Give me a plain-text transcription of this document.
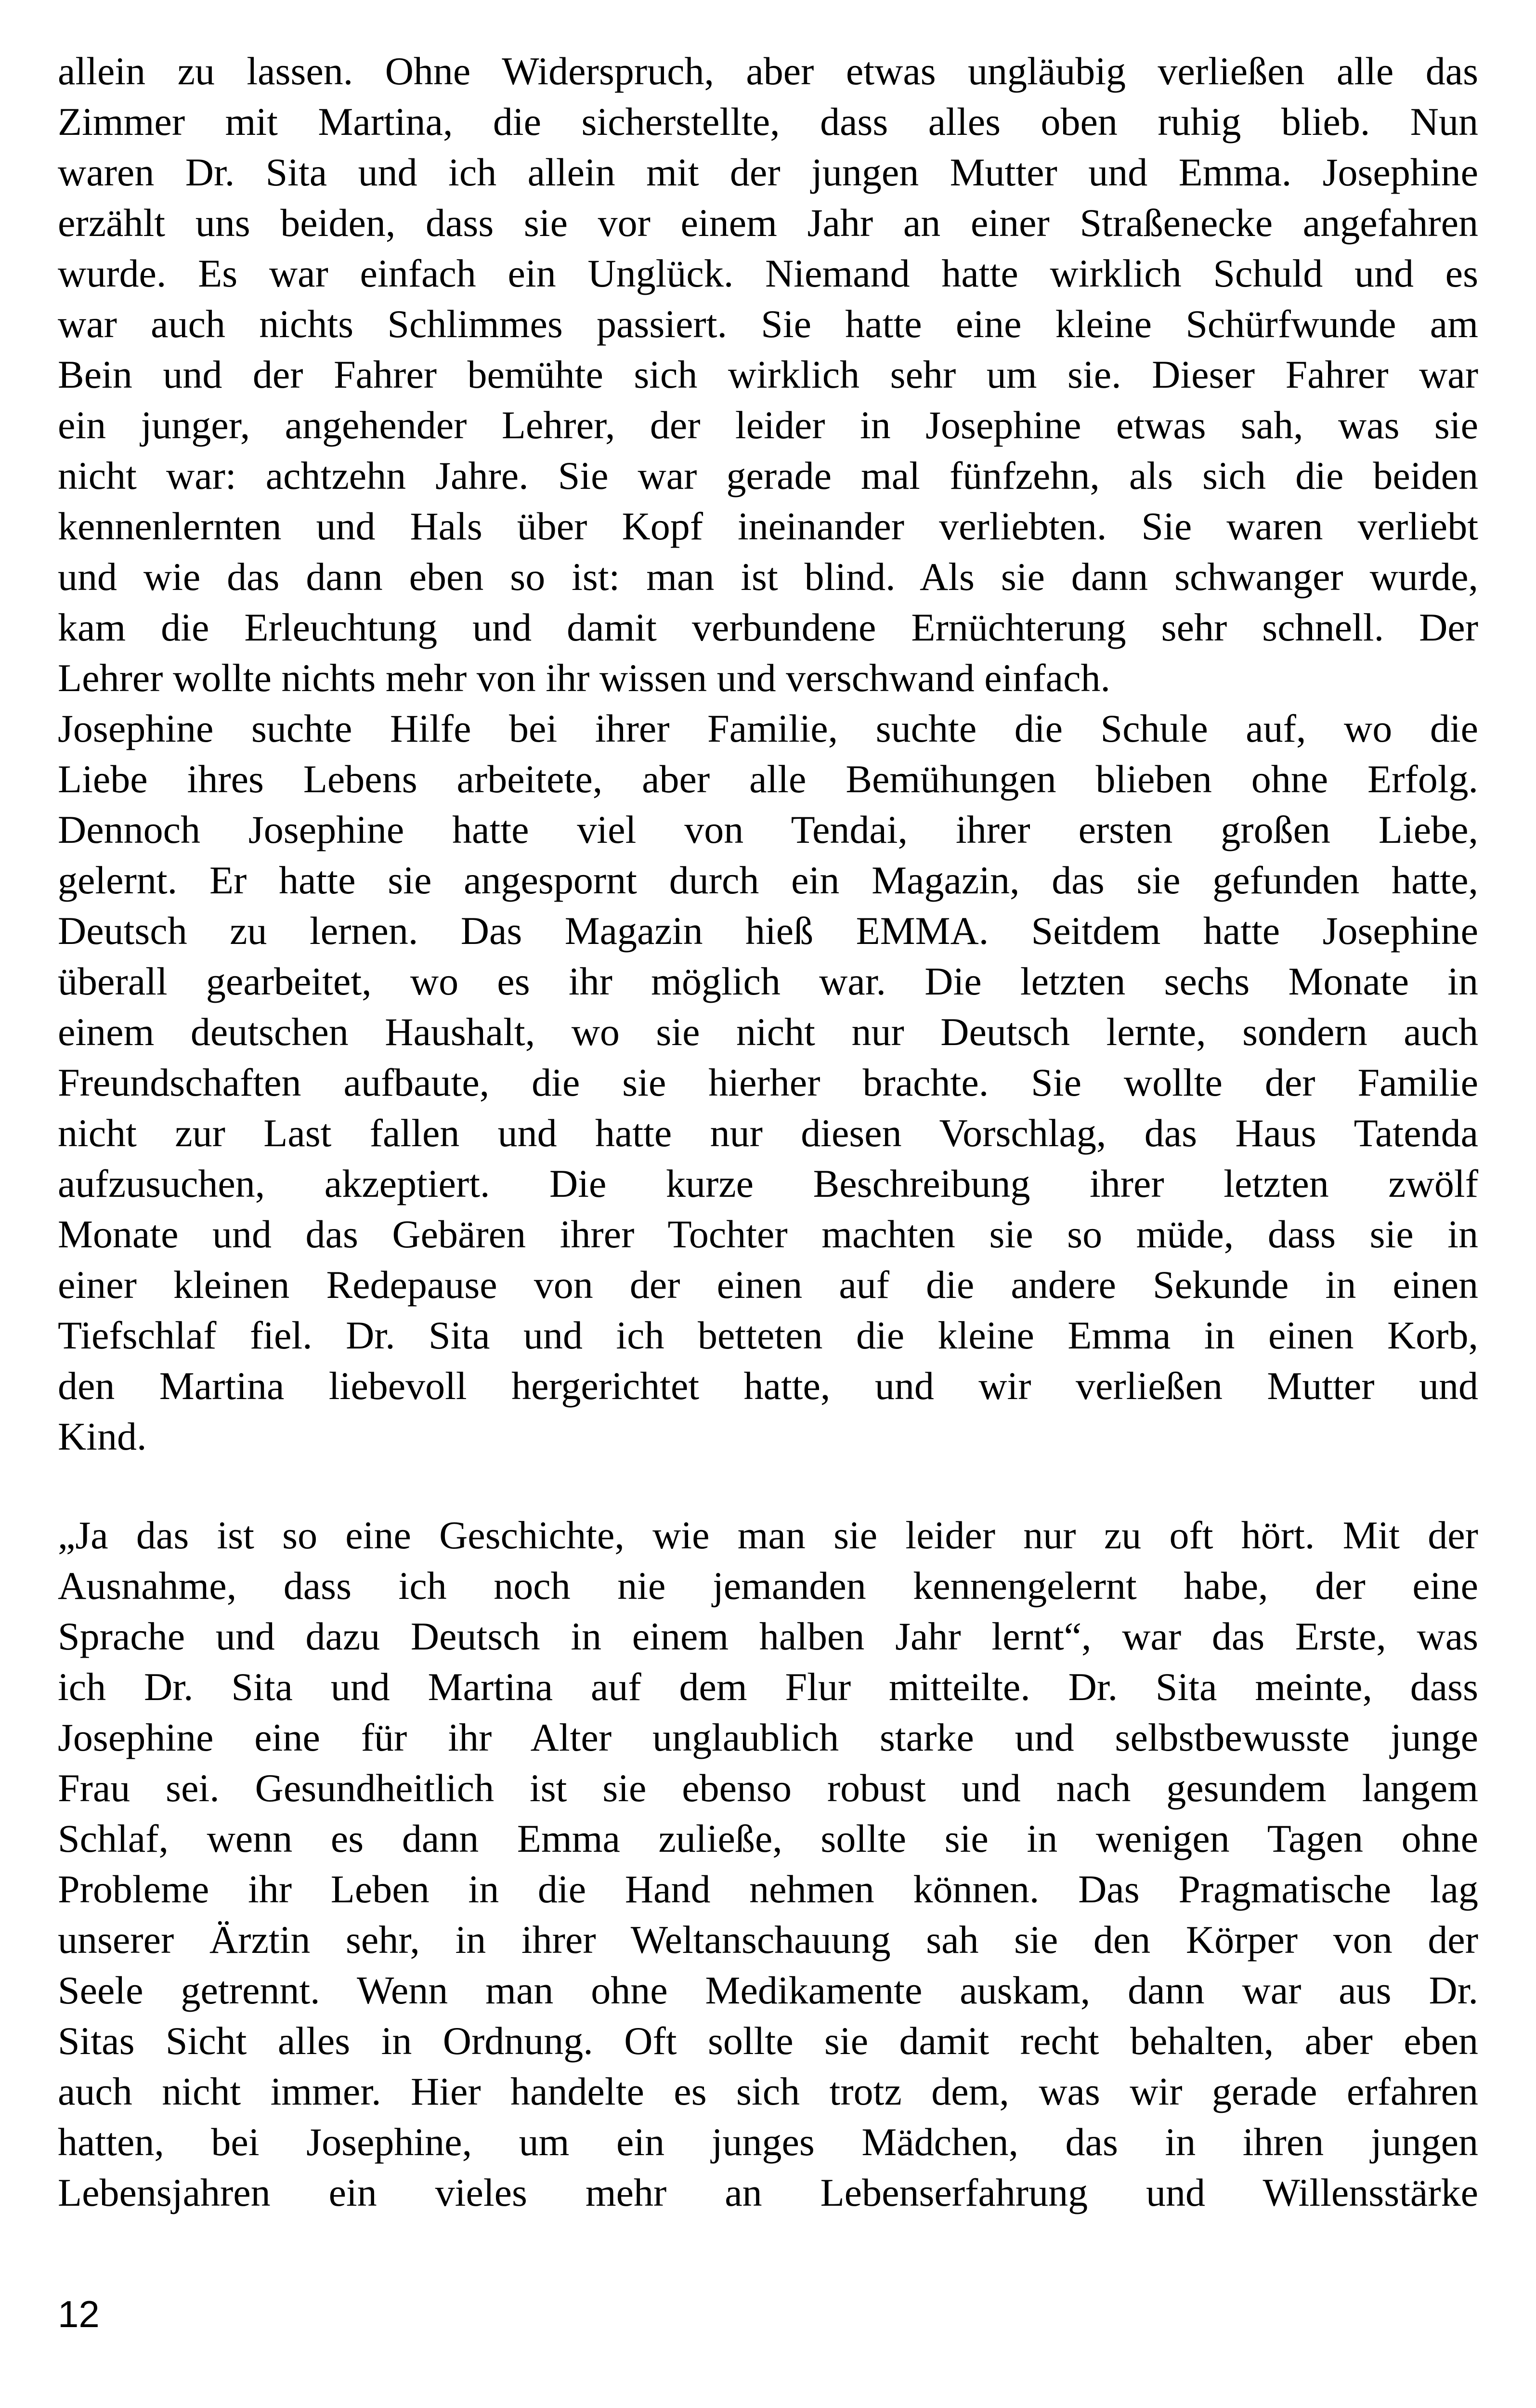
allein zu lassen. Ohne Widerspruch, aber etwas ungläubig verließen alle das
Zimmer mit Martina, die sicherstellte, dass alles oben ruhig blieb. Nun
waren Dr. Sita und ich allein mit der jungen Mutter und Emma. Josephine
erzählt uns beiden, dass sie vor einem Jahr an einer Straßenecke angefahren
wurde. Es war einfach ein Unglück. Niemand hatte wirklich Schuld und es
war auch nichts Schlimmes passiert. Sie hatte eine kleine Schürfwunde am
Bein und der Fahrer bemühte sich wirklich sehr um sie. Dieser Fahrer war
ein junger, angehender Lehrer, der leider in Josephine etwas sah, was sie
nicht war: achtzehn Jahre. Sie war gerade mal fünfzehn, als sich die beiden
kennenlernten und Hals über Kopf ineinander verliebten. Sie waren verliebt
und wie das dann eben so ist: man ist blind. Als sie dann schwanger wurde,
kam die Erleuchtung und damit verbundene Ernüchterung sehr schnell. Der
Lehrer wollte nichts mehr von ihr wissen und verschwand einfach.
Josephine suchte Hilfe bei ihrer Familie, suchte die Schule auf, wo die
Liebe ihres Lebens arbeitete, aber alle Bemühungen blieben ohne Erfolg.
Dennoch Josephine hatte viel von Tendai, ihrer ersten großen Liebe,
gelernt. Er hatte sie angespornt durch ein Magazin, das sie gefunden hatte,
Deutsch zu lernen. Das Magazin hieß EMMA. Seitdem hatte Josephine
überall gearbeitet, wo es ihr möglich war. Die letzten sechs Monate in
einem deutschen Haushalt, wo sie nicht nur Deutsch lernte, sondern auch
Freundschaften aufbaute, die sie hierher brachte. Sie wollte der Familie
nicht zur Last fallen und hatte nur diesen Vorschlag, das Haus Tatenda
aufzusuchen, akzeptiert. Die kurze Beschreibung ihrer letzten zwölf
Monate und das Gebären ihrer Tochter machten sie so müde, dass sie in
einer kleinen Redepause von der einen auf die andere Sekunde in einen
Tiefschlaf fiel. Dr. Sita und ich betteten die kleine Emma in einen Korb,
den Martina liebevoll hergerichtet hatte, und wir verließen Mutter und
Kind.
„Ja das ist so eine Geschichte, wie man sie leider nur zu oft hört. Mit der
Ausnahme, dass ich noch nie jemanden kennengelernt habe, der eine
Sprache und dazu Deutsch in einem halben Jahr lernt“, war das Erste, was
ich Dr. Sita und Martina auf dem Flur mitteilte. Dr. Sita meinte, dass
Josephine eine für ihr Alter unglaublich starke und selbstbewusste junge
Frau sei. Gesundheitlich ist sie ebenso robust und nach gesundem langem
Schlaf, wenn es dann Emma zuließe, sollte sie in wenigen Tagen ohne
Probleme ihr Leben in die Hand nehmen können. Das Pragmatische lag
unserer Ärztin sehr, in ihrer Weltanschauung sah sie den Körper von der
Seele getrennt. Wenn man ohne Medikamente auskam, dann war aus Dr.
Sitas Sicht alles in Ordnung. Oft sollte sie damit recht behalten, aber eben
auch nicht immer. Hier handelte es sich trotz dem, was wir gerade erfahren
hatten, bei Josephine, um ein junges Mädchen, das in ihren jungen
Lebensjahren ein vieles mehr an Lebenserfahrung und Willensstärke
12
